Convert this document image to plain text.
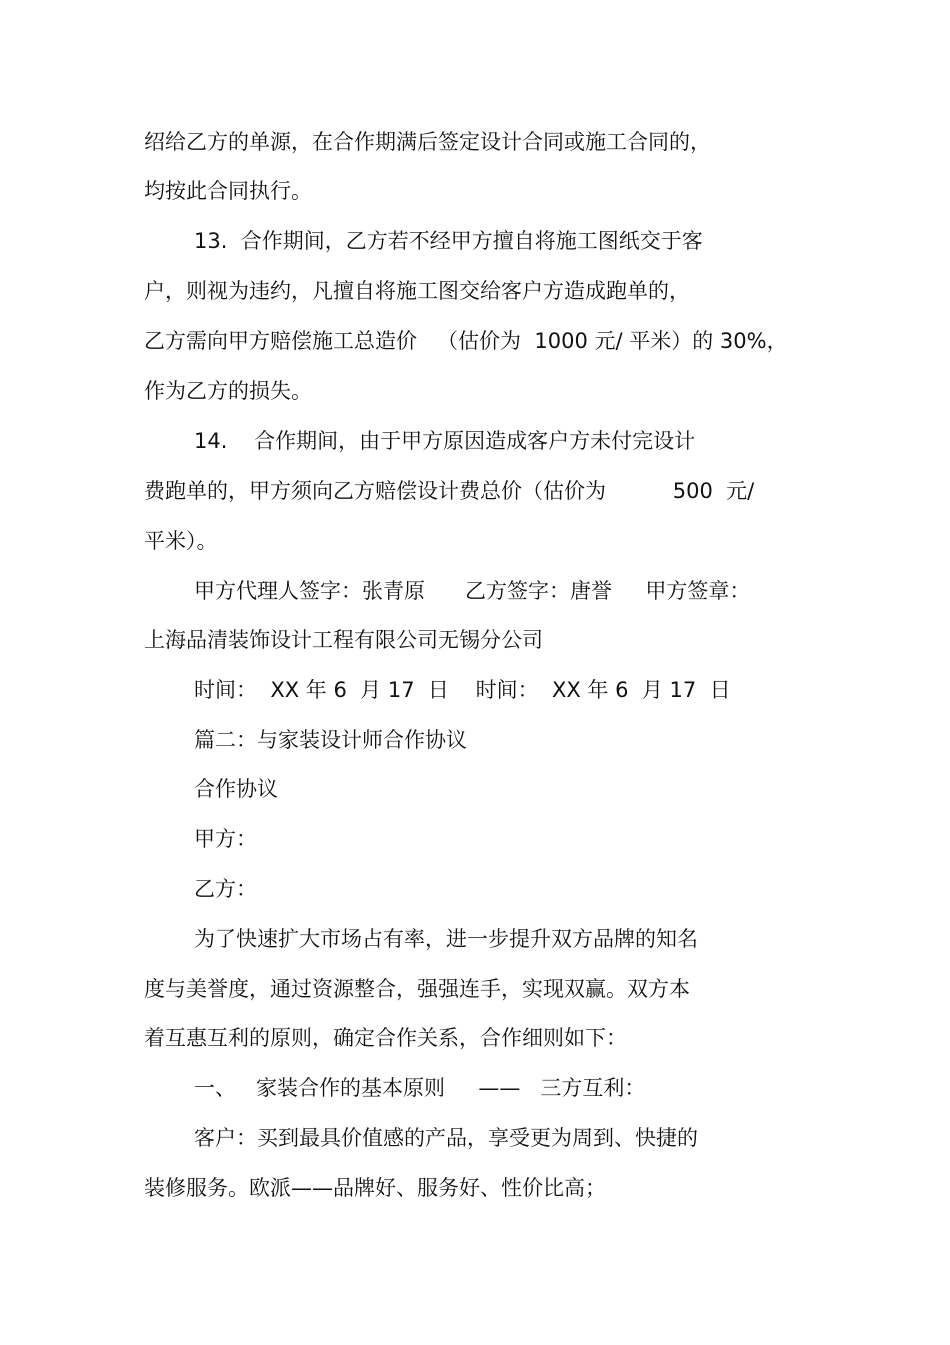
绍给乙方的单源，在合作期满后签定设计合同或施工合同的，

均按此合同执行。

13.  合作期间，乙方若不经甲方擅自将施工图纸交于客

户，则视为违约，凡擅自将施工图交给客户方造成跑单的，

乙方需向甲方赔偿施工总造价   （估价为  1000 元/ 平米）的 30%，

作为乙方的损失。

14.    合作期间，由于甲方原因造成客户方未付完设计

费跑单的，甲方须向乙方赔偿设计费总价（估价为          500  元/

平米）。

甲方代理人签字：张青原      乙方签字：唐誉     甲方签章：

上海品清装饰设计工程有限公司无锡分公司

时间：  XX 年 6  月 17  日    时间：  XX 年 6  月 17  日

篇二：与家装设计师合作协议

合作协议

甲方：

乙方：

为了快速扩大市场占有率，进一步提升双方品牌的知名

度与美誉度，通过资源整合，强强连手，实现双赢。双方本

着互惠互利的原则，确定合作关系，合作细则如下：

一、   家装合作的基本原则     ——   三方互利：

客户：买到最具价值感的产品，享受更为周到、快捷的

装修服务。欧派——品牌好、服务好、性价比高；
